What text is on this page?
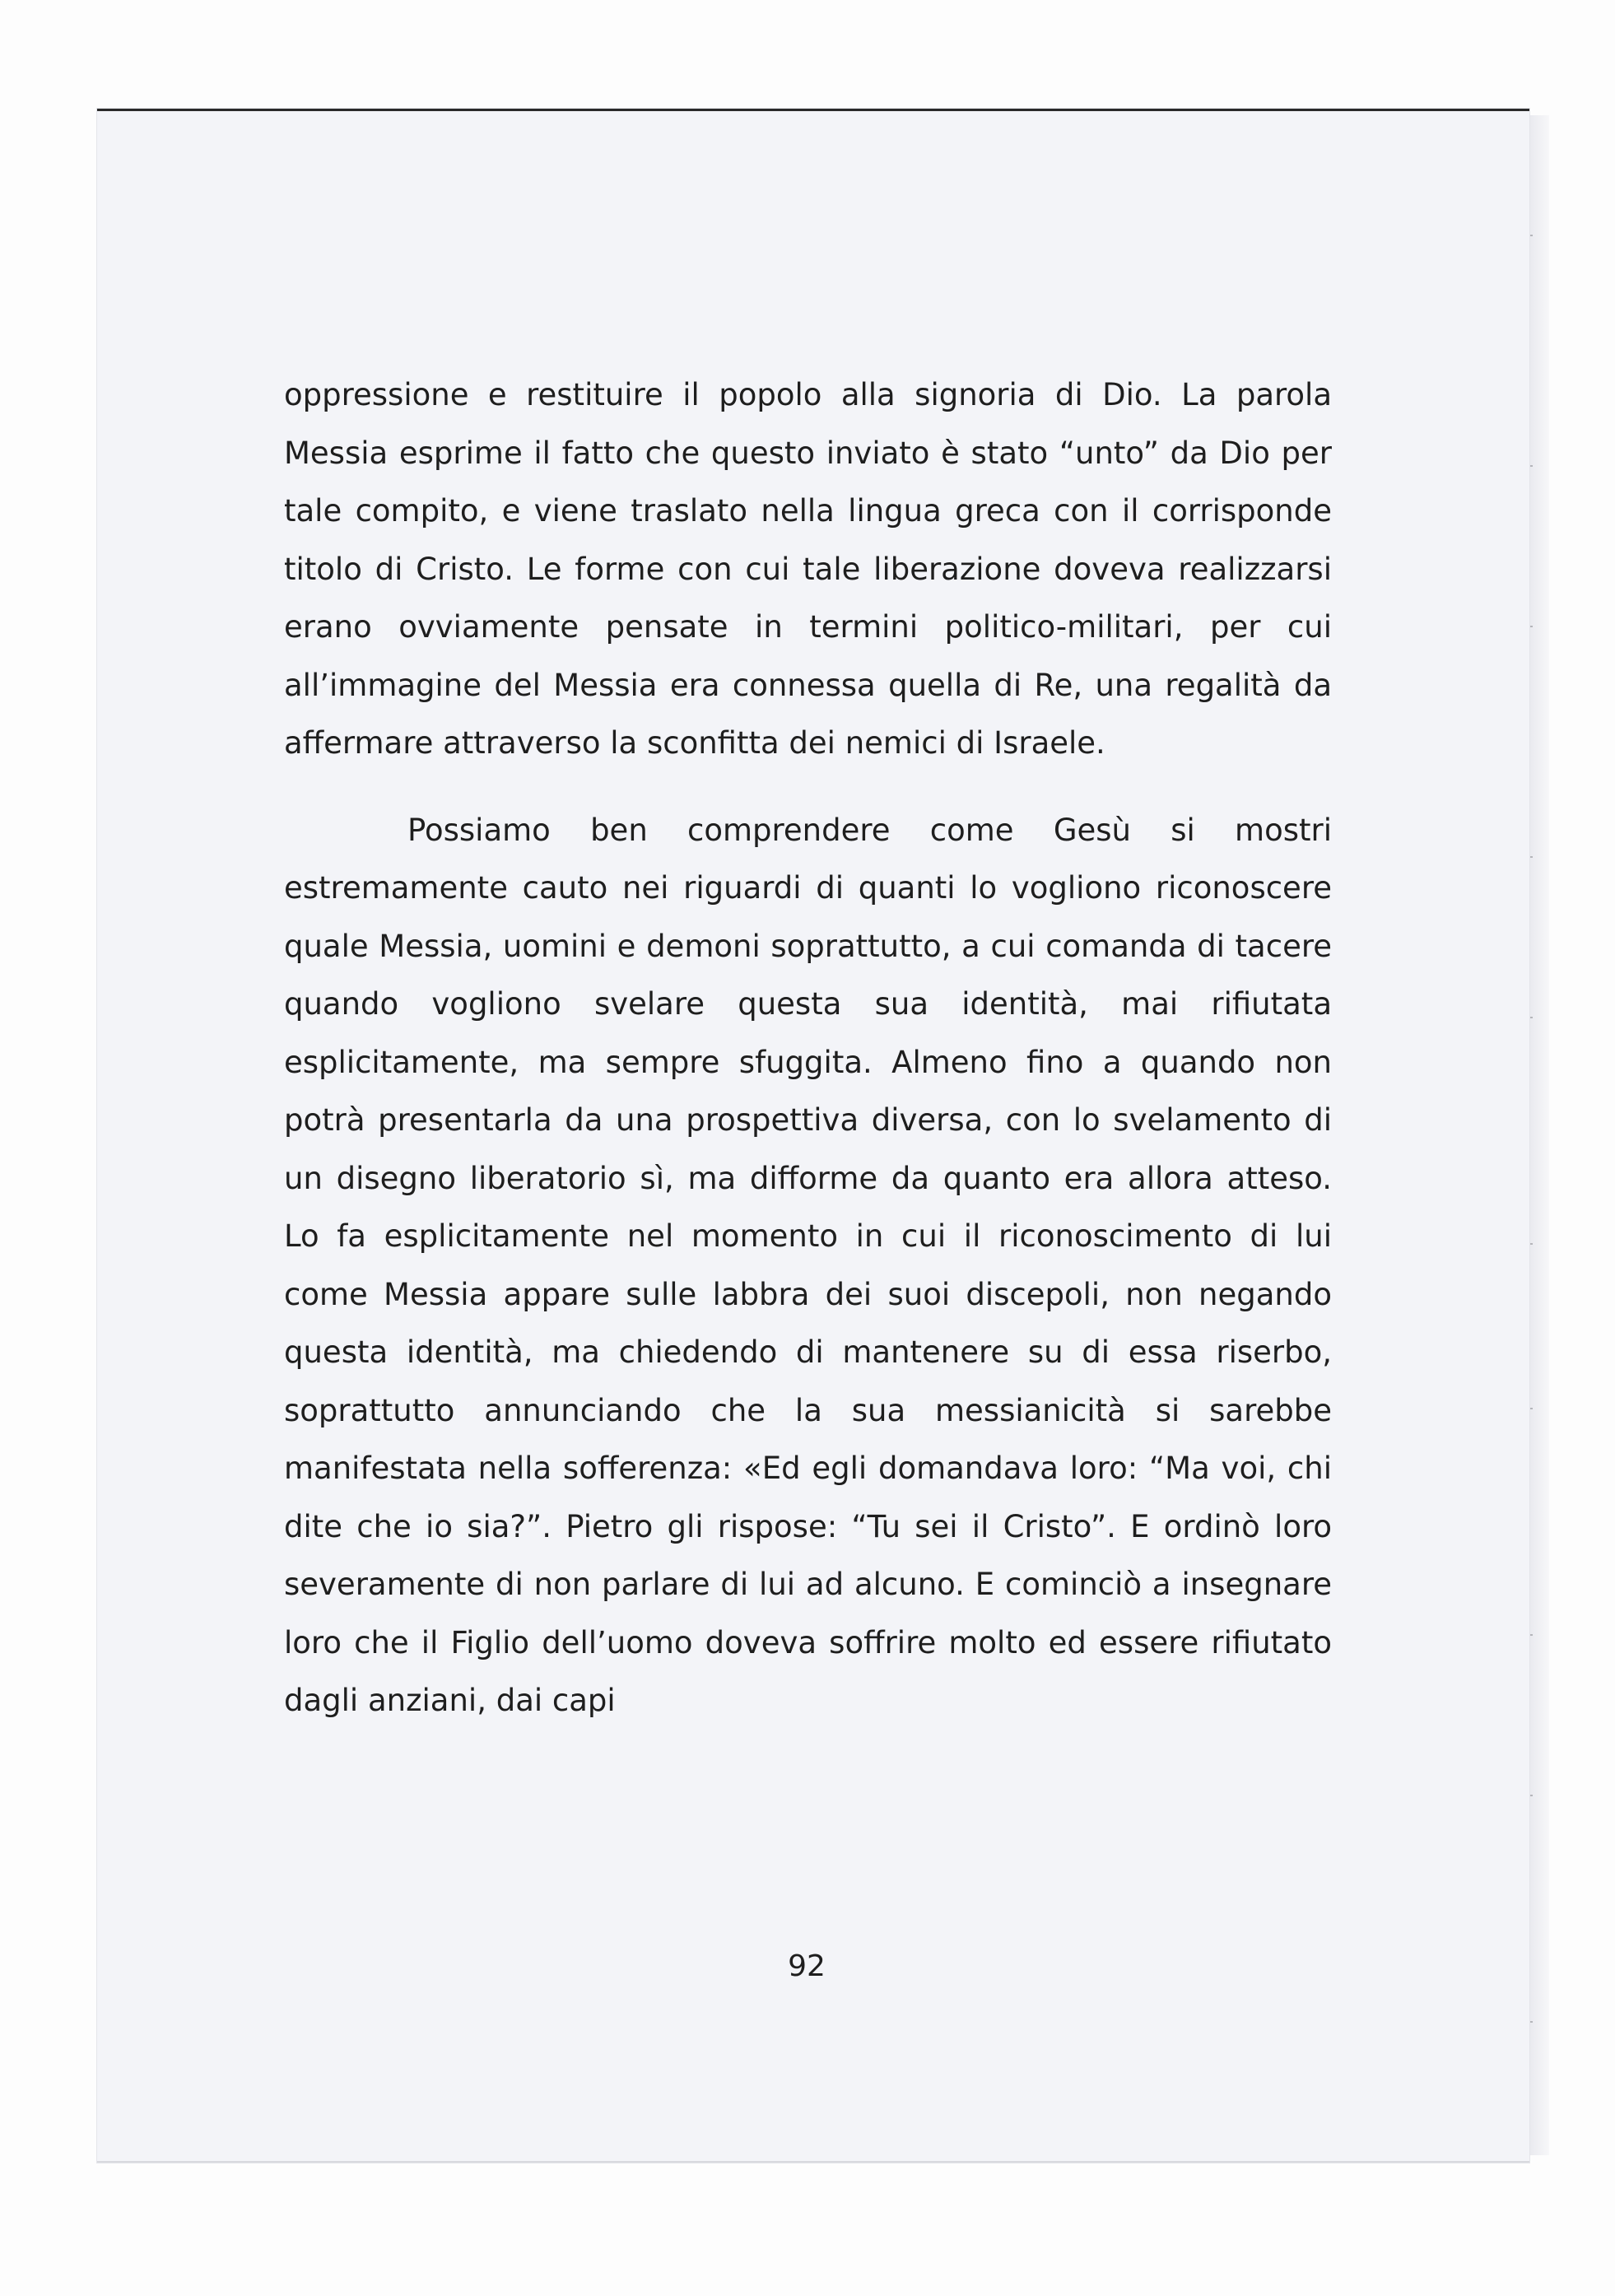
oppressione e restituire il popolo alla signoria di Dio. La parola Messia esprime il fatto che questo inviato è stato “unto” da Dio per tale compito, e viene traslato nella lingua greca con il corrisponde titolo di Cristo. Le forme con cui tale liberazione doveva realizzarsi erano ovviamente pensate in termini politico-militari, per cui all’immagine del Messia era connessa quella di Re, una regalità da affermare attraverso la sconfitta dei nemici di Israele.

Possiamo ben comprendere come Gesù si mostri estremamente cauto nei riguardi di quanti lo vogliono riconoscere quale Messia, uomini e demoni soprattutto, a cui comanda di tacere quando vogliono svelare questa sua identità, mai rifiutata esplicitamente, ma sempre sfuggita. Almeno fino a quando non potrà presentarla da una prospettiva diversa, con lo svelamento di un disegno liberatorio sì, ma difforme da quanto era allora atteso. Lo fa esplicitamente nel momento in cui il riconoscimento di lui come Messia appare sulle labbra dei suoi discepoli, non negando questa identità, ma chiedendo di mantenere su di essa riserbo, soprattutto annunciando che la sua messianicità si sarebbe manifestata nella sofferenza: «Ed egli domandava loro: “Ma voi, chi dite che io sia?”. Pietro gli rispose: “Tu sei il Cristo”. E ordinò loro severamente di non parlare di lui ad alcuno. E cominciò a insegnare loro che il Figlio dell’uomo doveva soffrire molto ed essere rifiutato dagli anziani, dai capi

92
